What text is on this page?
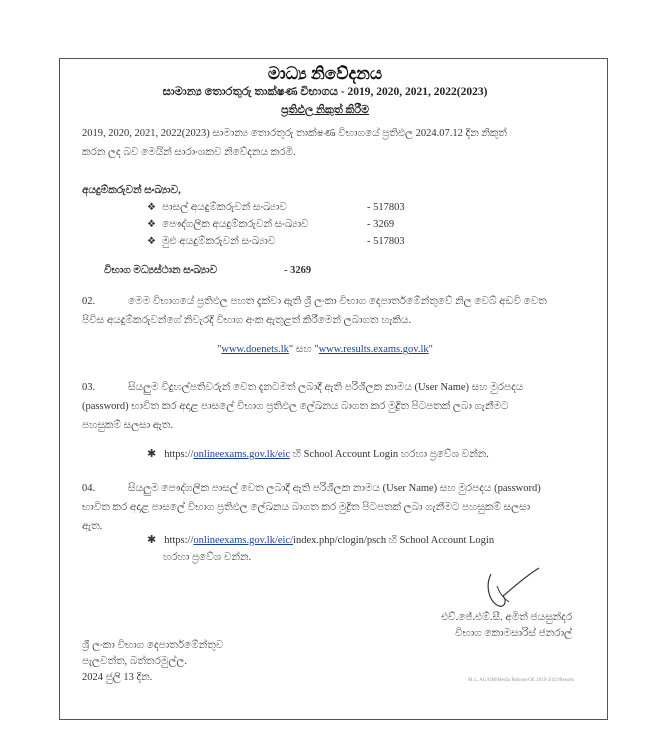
මාධ්‍ය නිවේදනය
සාමාන්‍ය තොරතුරු තාක්ෂණ විභාගය - 2019, 2020, 2021, 2022(2023)
ප්‍රතිඵල නිකුත් කිරීම
2019, 2020, 2021, 2022(2023) සාමාන්‍ය තොරතුරු තාක්ෂණ විභාගයේ ප්‍රතිඵල 2024.07.12 දින නිකුත්
කරන ලද බව මෙයින් සාරාංශකව නිවේදනය කරමි.
අයදුම්කරුවන් සංඛ්‍යාව,
❖ පාසල් අයදුම්කරුවන් සංඛ්‍යාව	- 517803
❖ පෞද්ගලික අයදුම්කරුවන් සංඛ්‍යාව	- 3269
❖ මුළු අයදුම්කරුවන් සංඛ්‍යාව	- 517803
විභාග මධ්‍යස්ථාන සංඛ්‍යාව	- 3269
02.	මෙම විභාගයේ ප්‍රතිඵල පහත දැක්වා ඇති ශ්‍රී ලංකා විභාග දෙපාර්තමේන්තුවේ නිල වෙබ් අඩවි වෙත
පිවිස අයදුම්කරුවන්ගේ නිවැරදි විභාග අංක ඇතුළත් කිරීමෙන් ලබාගත හැකිය.
"www.doenets.lk" සහ "www.results.exams.gov.lk"
03.	සියලුම විදුහල්පතිවරුන් වෙත දැනටමත් ලබාදී ඇති පරිශීලක නාමය (User Name) සහ මුරපදය
(password) භාවිත කර අදාළ පාසලේ විභාග ප්‍රතිඵල ලේඛනය බාගත කර මුද්‍රිත පිටපතක් ලබා ගැනීමට
පහසුකම් සලසා ඇත.
✱ https://onlineexams.gov.lk/eic හි School Account Login හරහා ප්‍රවේශ වන්න.
04.	සියලුම පෞද්ගලික පාසල් වෙත ලබාදී ඇති පරිශීලක නාමය (User Name) සහ මුරපදය (password)
භාවිත කර අදාළ පාසලේ විභාග ප්‍රතිඵල ලේඛනය බාගත කර මුද්‍රිත පිටපතක් ලබා ගැනීමට පහසුකම් සලසා
ඇත.
✱ https://onlineexams.gov.lk/eic/index.php/clogin/psch හි School Account Login
හරහා ප්‍රවේශ වන්න.
එච්.ජේ.එම්.සී. අමිත් ජයසුන්දර
විභාග කොමසාරිස් ජනරාල්
ශ්‍රී ලංකා විභාග දෙපාර්තමේන්තුව
පැලවත්ත, බත්තරමුල්ල.
2024 ජුලි 13 දින.	M.C. AG/OM/Media Release/OE 2019-2022/Results
